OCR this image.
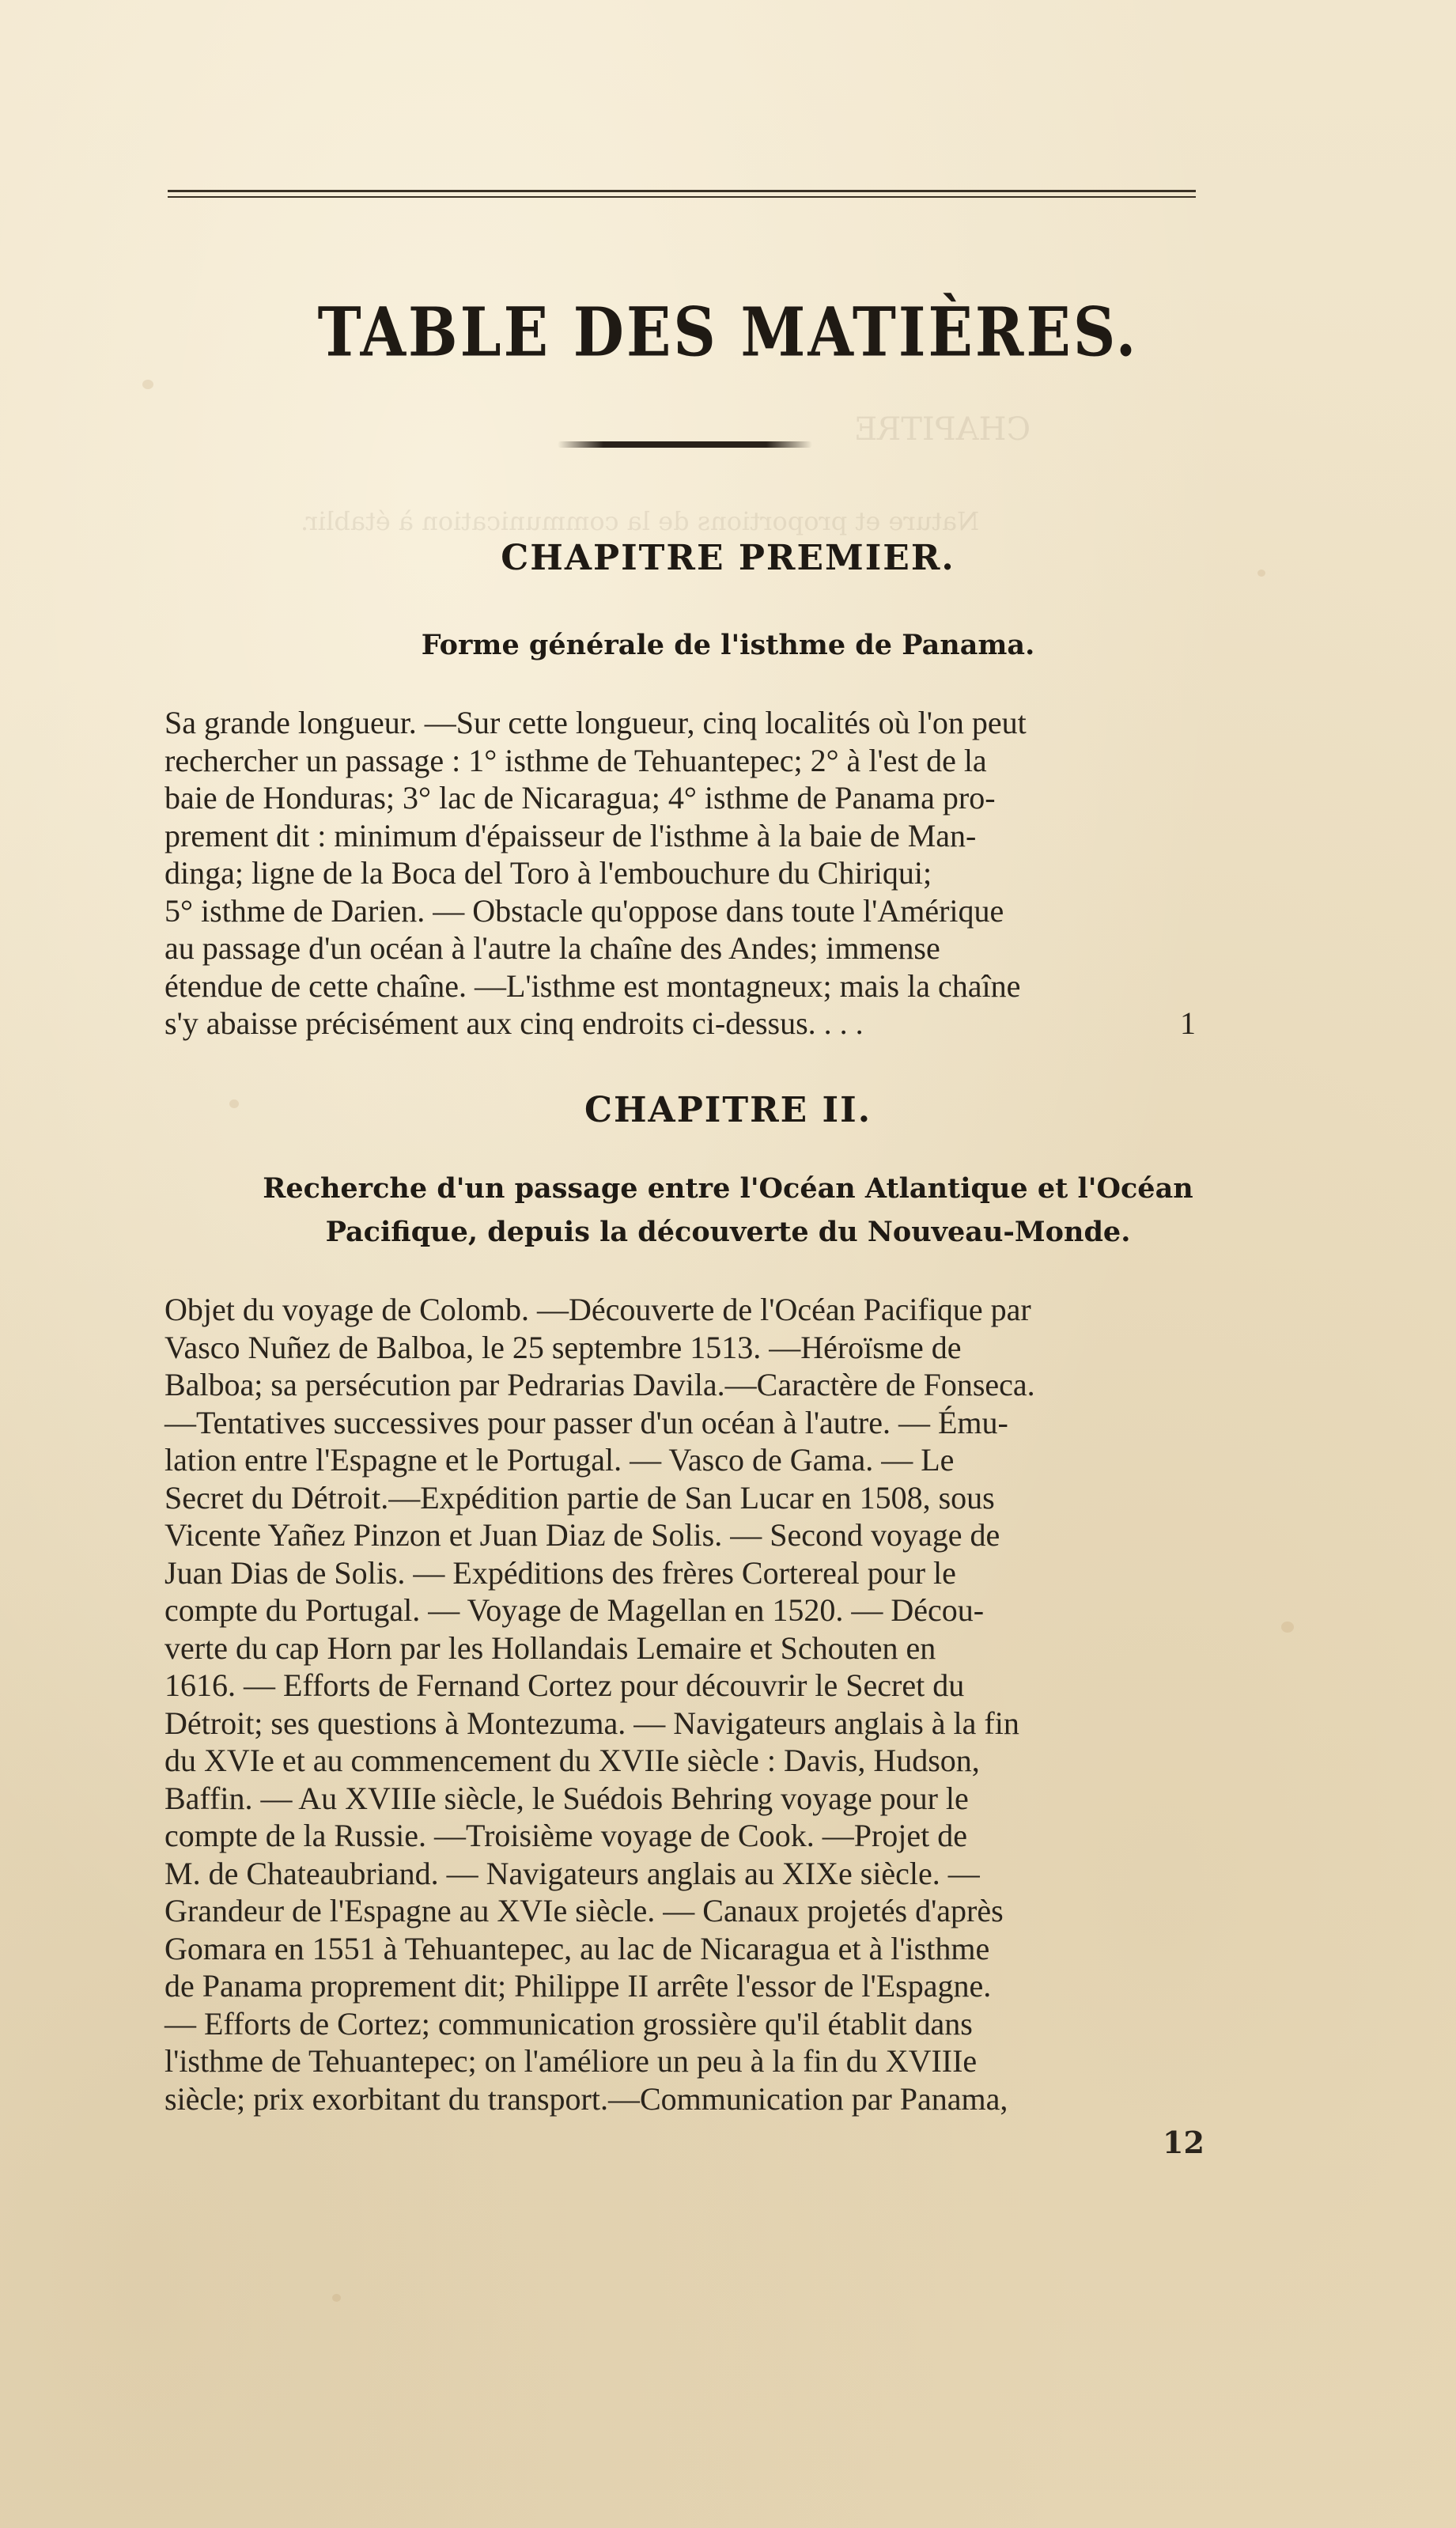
CHAPITRE
Nature et proportions de la communication à établir.
TABLE DES MATIÈRES.
CHAPITRE PREMIER.
Forme générale de l'isthme de Panama.
Sa grande longueur. —Sur cette longueur, cinq localités où l'on peut
rechercher un passage : 1° isthme de Tehuantepec; 2° à l'est de la
baie de Honduras; 3° lac de Nicaragua; 4° isthme de Panama pro-
prement dit : minimum d'épaisseur de l'isthme à la baie de Man-
dinga; ligne de la Boca del Toro à l'embouchure du Chiriqui;
5° isthme de Darien. — Obstacle qu'oppose dans toute l'Amérique
au passage d'un océan à l'autre la chaîne des Andes; immense
étendue de cette chaîne. —L'isthme est montagneux; mais la chaîne
s'y abaisse précisément aux cinq endroits ci-dessus. . . .	1
CHAPITRE II.
Recherche d'un passage entre l'Océan Atlantique et l'Océan
Pacifique, depuis la découverte du Nouveau-Monde.
Objet du voyage de Colomb. —Découverte de l'Océan Pacifique par
Vasco Nuñez de Balboa, le 25 septembre 1513. —Héroïsme de
Balboa; sa persécution par Pedrarias Davila.—Caractère de Fonseca.
—Tentatives successives pour passer d'un océan à l'autre. — Ému-
lation entre l'Espagne et le Portugal. — Vasco de Gama. — Le
Secret du Détroit.—Expédition partie de San Lucar en 1508, sous
Vicente Yañez Pinzon et Juan Diaz de Solis. — Second voyage de
Juan Dias de Solis. — Expéditions des frères Cortereal pour le
compte du Portugal. — Voyage de Magellan en 1520. — Décou-
verte du cap Horn par les Hollandais Lemaire et Schouten en
1616. — Efforts de Fernand Cortez pour découvrir le Secret du
Détroit; ses questions à Montezuma. — Navigateurs anglais à la fin
du XVIe et au commencement du XVIIe siècle : Davis, Hudson,
Baffin. — Au XVIIIe siècle, le Suédois Behring voyage pour le
compte de la Russie. —Troisième voyage de Cook. —Projet de
M. de Chateaubriand. — Navigateurs anglais au XIXe siècle. —
Grandeur de l'Espagne au XVIe siècle. — Canaux projetés d'après
Gomara en 1551 à Tehuantepec, au lac de Nicaragua et à l'isthme
de Panama proprement dit; Philippe II arrête l'essor de l'Espagne.
— Efforts de Cortez; communication grossière qu'il établit dans
l'isthme de Tehuantepec; on l'améliore un peu à la fin du XVIIIe
siècle; prix exorbitant du transport.—Communication par Panama,
12
